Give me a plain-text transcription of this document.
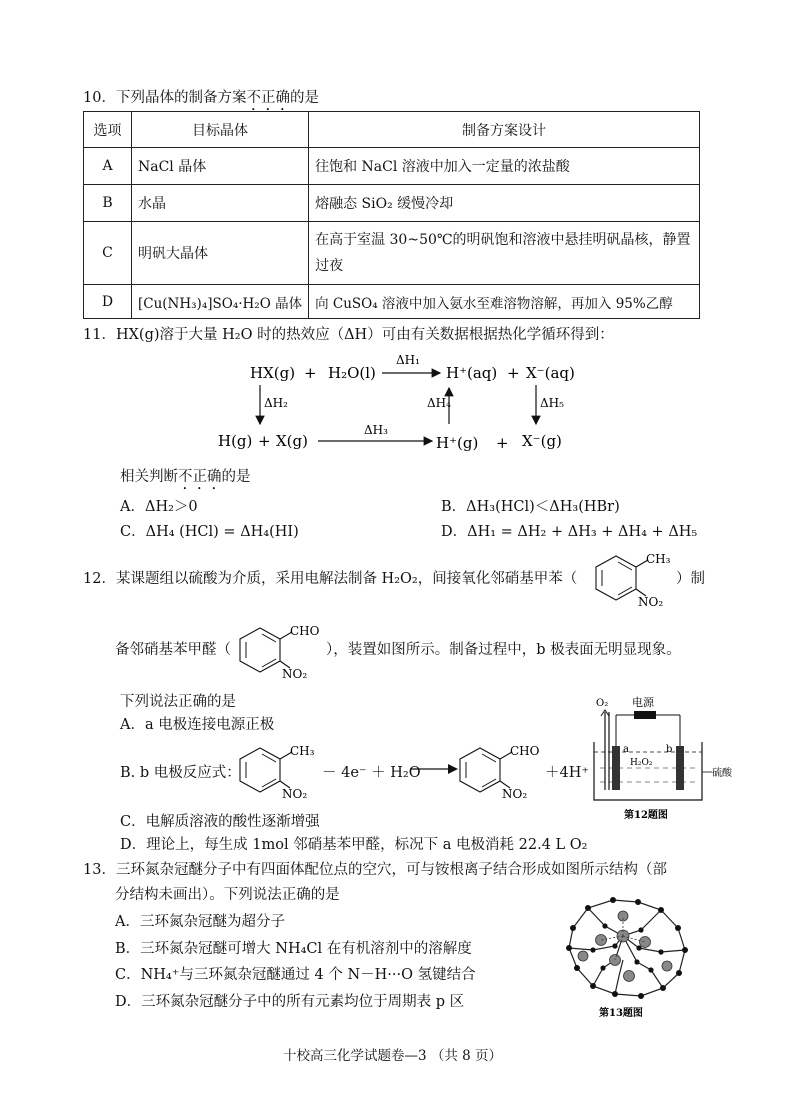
10．下列晶体的制备方案不正确的是
选项	目标晶体	制备方案设计
A	NaCl 晶体	往饱和 NaCl 溶液中加入一定量的浓盐酸
B	水晶	熔融态 SiO₂ 缓慢冷却
C	明矾大晶体	在高于室温 30~50℃的明矾饱和溶液中悬挂明矾晶核，静置过夜
D	[Cu(NH₃)₄]SO₄·H₂O 晶体	向 CuSO₄ 溶液中加入氨水至难溶物溶解，再加入 95%乙醇
11．HX(g)溶于大量 H₂O 时的热效应（ΔH）可由有关数据根据热化学循环得到：
HX(g) + H₂O(l)
ΔH₁
H⁺(aq) + X⁻(aq)
ΔH₂	ΔH₄	ΔH₅
H(g) + X(g)
ΔH₃
H⁺(g) + X⁻(g)
相关判断不正确的是
A．ΔH₂＞0	B．ΔH₃(HCl)＜ΔH₃(HBr)
C．ΔH₄ (HCl) = ΔH₄(HI)	D．ΔH₁ = ΔH₂ + ΔH₃ + ΔH₄ + ΔH₅
12．某课题组以硫酸为介质，采用电解法制备 H₂O₂，间接氧化邻硝基甲苯（
CH₃
NO₂
）制
备邻硝基苯甲醛（
CHO
NO₂
），装置如图所示。制备过程中，b 极表面无明显现象。
下列说法正确的是
A．a 电极连接电源正极
B. b 电极反应式：
CH₃
NO₂
－ 4e⁻ ＋ H₂O
CHO
NO₂
＋4H⁺
电源
O₂
a	b
H₂O₂
硫酸
第12题图
C．电解质溶液的酸性逐渐增强
D．理论上，每生成 1mol 邻硝基苯甲醛，标况下 a 电极消耗 22.4 L O₂
13．三环氮杂冠醚分子中有四面体配位点的空穴，可与铵根离子结合形成如图所示结构（部
分结构未画出）。下列说法正确的是
A．三环氮杂冠醚为超分子
B．三环氮杂冠醚可增大 NH₄Cl 在有机溶剂中的溶解度
C．NH₄⁺与三环氮杂冠醚通过 4 个 N－H···O 氢键结合
D．三环氮杂冠醚分子中的所有元素均位于周期表 p 区
第13题图
十校高三化学试题卷—3 （共 8 页）
